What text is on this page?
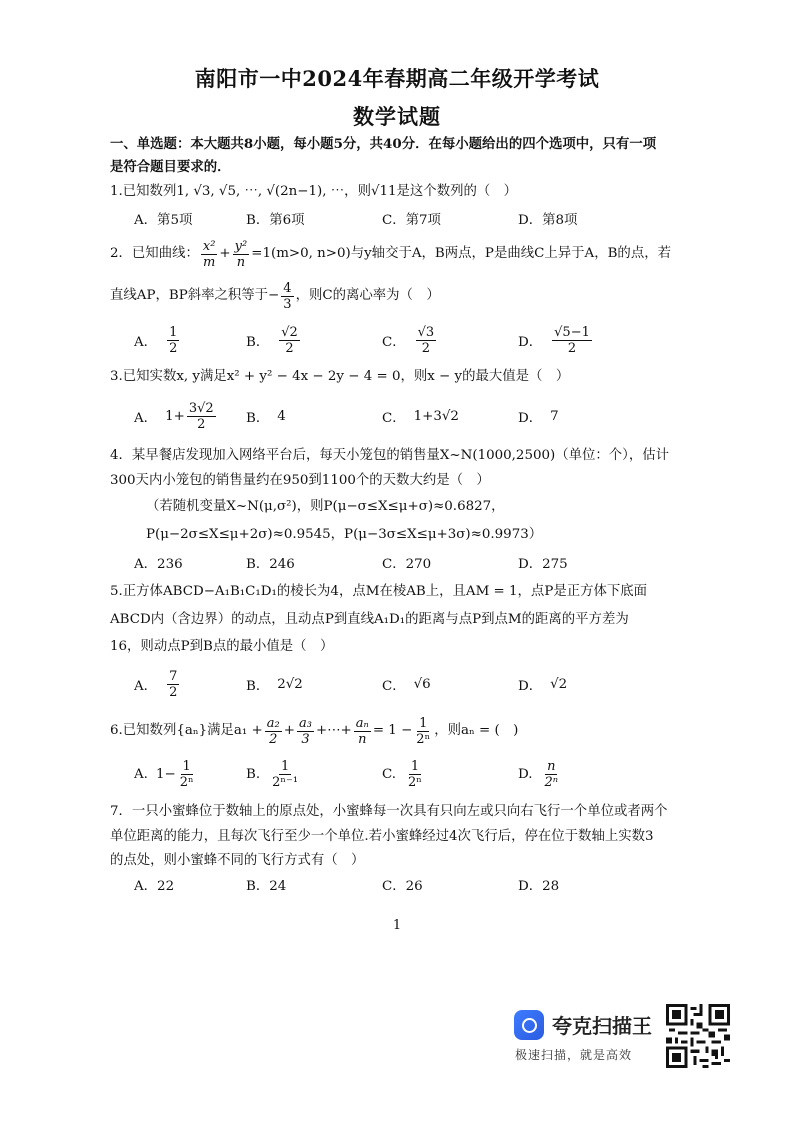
南阳市一中2024年春期高二年级开学考试
数学试题
一、单选题：本大题共8小题，每小题5分，共40分．在每小题给出的四个选项中，只有一项
是符合题目要求的．
1.已知数列1, √3, √5, ⋯, √(2n−1), ⋯，则√11是这个数列的（　）
A．第5项	B．第6项	C．第7项	D．第8项
2．已知曲线： $\frac{\text{x²}}{m} + \frac{\text{y²}}{n} =1$ (m>0, n>0)与y轴交于A，B两点，P是曲线C上异于A，B的点，若
直线AP，BP斜率之积等于 − $\frac{4}{3}$ ，则C的离心率为（　）
A． $\frac{1}{2}$	B． $\frac{√2}{2}$	C． $\frac{√3}{2}$	D． $\frac{√5-1}{2}$
3.已知实数x, y满足x² + y² − 4x − 2y − 4 = 0，则x − y的最大值是（　）
A． $1+ \frac{3√2}{2}$ B． 4	C． 1+3√2	D． 7
4．某早餐店发现加入网络平台后，每天小笼包的销售量X~N(1000,2500)（单位：个），估计
300天内小笼包的销售量约在950到1100个的天数大约是（　）
（若随机变量X~N(μ,σ²)，则P(μ−σ≤X≤μ+σ)≈0.6827，
P(μ−2σ≤X≤μ+2σ)≈0.9545，P(μ−3σ≤X≤μ+3σ)≈0.9973）
A．236	B．246	C．270	D．275
5.正方体ABCD−A₁B₁C₁D₁的棱长为4，点M在棱AB上，且AM = 1，点P是正方体下底面
ABCD内（含边界）的动点，且动点P到直线A₁D₁的距离与点P到点M的距离的平方差为
16，则动点P到B点的最小值是（　）
A． $\frac{7}{2}$	B． 2√2	C． √6	D． √2
6.已知数列{aₙ}满足$a_1 + \frac{\text{a₂}}{2} + \frac{\text{a₃}}{3}$ +⋯+ $\frac{\text{aₙ}}{n} = 1 - \frac{1}{\text{2ⁿ}}$ ，则aₙ = (　)
A. $1- \frac{1}{\text{2ⁿ}}$	B. $\frac{1}{\text{2ⁿ⁻¹}}$	C. $\frac{1}{\text{2ⁿ}}$	D. $\frac{n}{\text{2ⁿ}}$
7．一只小蜜蜂位于数轴上的原点处，小蜜蜂每一次具有只向左或只向右飞行一个单位或者两个
单位距离的能力，且每次飞行至少一个单位.若小蜜蜂经过4次飞行后，停在位于数轴上实数3
的点处，则小蜜蜂不同的飞行方式有（　）
A．22	B．24	C．26	D．28
1
夸克扫描王
极速扫描，就是高效
